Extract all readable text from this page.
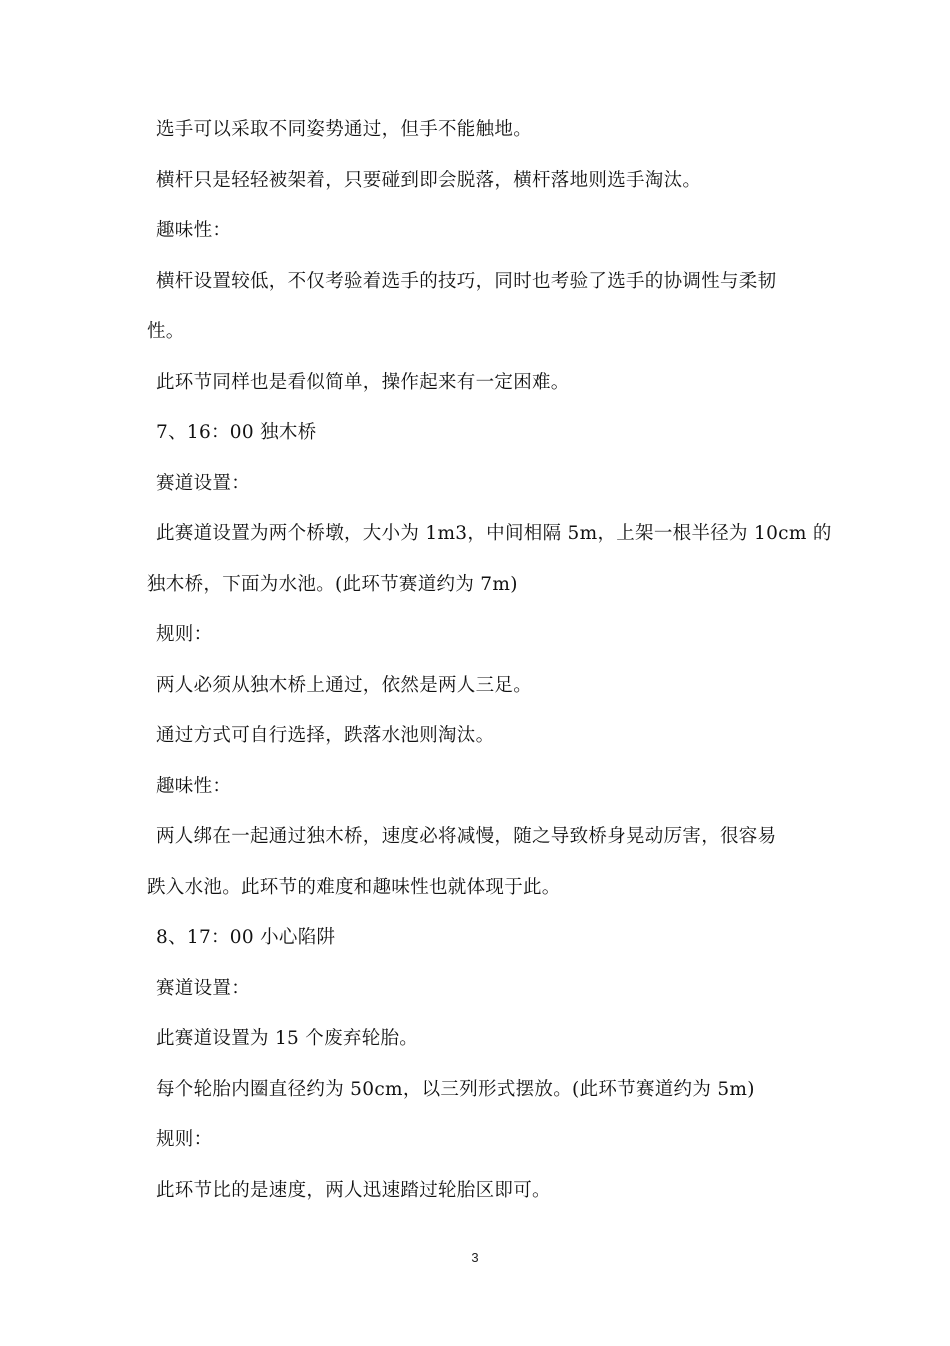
选手可以采取不同姿势通过，但手不能触地。
横杆只是轻轻被架着，只要碰到即会脱落，横杆落地则选手淘汰。
趣味性：
横杆设置较低，不仅考验着选手的技巧，同时也考验了选手的协调性与柔韧
性。
此环节同样也是看似简单，操作起来有一定困难。
7、16：00 独木桥
赛道设置：
此赛道设置为两个桥墩，大小为 1m3，中间相隔 5m，上架一根半径为 10cm 的
独木桥，下面为水池。(此环节赛道约为 7m)
规则：
两人必须从独木桥上通过，依然是两人三足。
通过方式可自行选择，跌落水池则淘汰。
趣味性：
两人绑在一起通过独木桥，速度必将减慢，随之导致桥身晃动厉害，很容易
跌入水池。此环节的难度和趣味性也就体现于此。
8、17：00 小心陷阱
赛道设置：
此赛道设置为 15 个废弃轮胎。
每个轮胎内圈直径约为 50cm，以三列形式摆放。(此环节赛道约为 5m)
规则：
此环节比的是速度，两人迅速踏过轮胎区即可。
3
